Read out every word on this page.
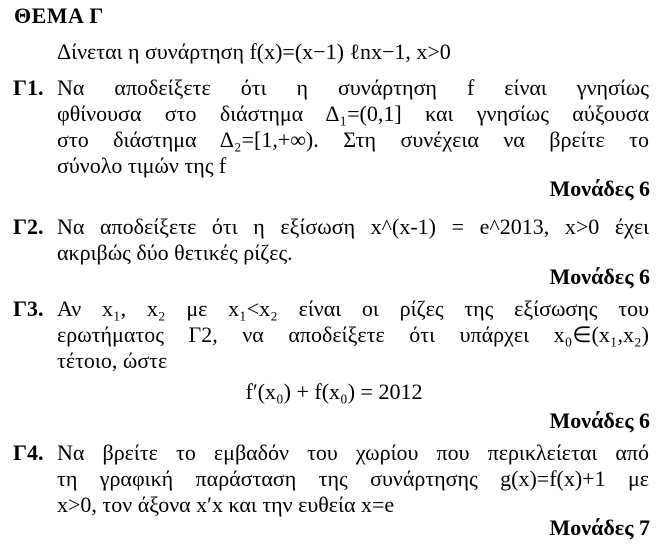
ΘΕΜΑ Γ
Δίνεται η συνάρτηση f(x)=(x−1) ℓnx−1, x>0
Γ1. Να αποδείξετε ότι η συνάρτηση f είναι γνησίως
φθίνουσα στο διάστημα Δ₁=(0,1] και γνησίως αύξουσα
στο διάστημα Δ₂=[1,+∞). Στη συνέχεια να βρείτε το
σύνολο τιμών της f
Μονάδες 6
Γ2. Να αποδείξετε ότι η εξίσωση x^(x-1) = e^2013, x>0 έχει
ακριβώς δύο θετικές ρίζες.
Μονάδες 6
Γ3. Αν x₁, x₂ με x₁<x₂ είναι οι ρίζες της εξίσωσης του
ερωτήματος Γ2, να αποδείξετε ότι υπάρχει x₀∈(x₁,x₂)
τέτοιο, ώστε
f′(x₀) + f(x₀) = 2012
Μονάδες 6
Γ4. Να βρείτε το εμβαδόν του χωρίου που περικλείεται από
τη γραφική παράσταση της συνάρτησης g(x)=f(x)+1 με
x>0, τον άξονα x′x και την ευθεία x=e
Μονάδες 7
